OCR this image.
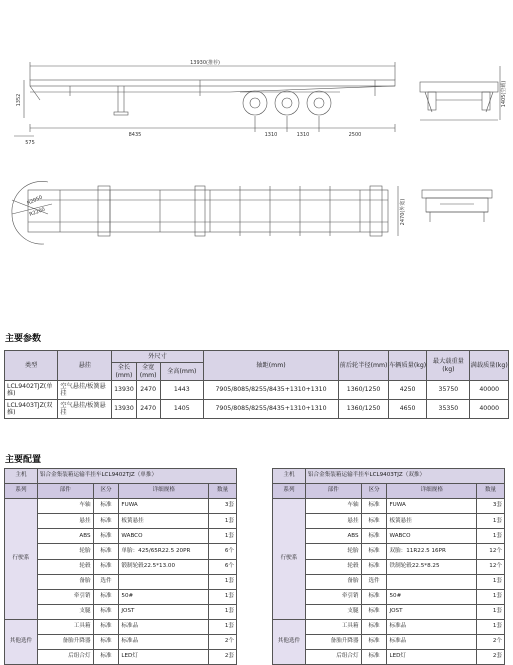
13930(推荐)
8435	1310	1310	2500
1352
575
1405(空载)
2470(外宽)
R2050
R2200
主要参数
类型	悬挂	外尺寸			轴距(mm)	前后轮半径(mm)	车辆质量(kg)	最大载重量(kg)	满载质量(kg)
		全长(mm)	全宽(mm)	全高(mm)					
LCL9402TJZ(单推)	空气悬挂/板簧悬挂	13930	2470	1443	7905/8085/8255/8435+1310+1310	1360/1250	4250	35750	40000
LCL9403TJZ(双推)	空气悬挂/板簧悬挂	13930	2470	1405	7905/8085/8255/8435+1310+1310	1360/1250	4650	35350	40000
主要配置
主机	铝合金集装箱运输半挂车LCL9402TJZ（单推）			
系列	部件	区分	详细规格	数量
行驶系	车轴	标准	FUWA	3套
	悬挂	标准	板簧悬挂	1套
	ABS	标准	WABCO	1套
	轮胎	标准	单胎：425/65R22.5 20PR	6个
	轮毂	标准	锻制轮毂22.5*13.00	6个
	备胎	选件		1套
	牵引销	标准	50#	1套
	支腿	标准	JOST	1套
其他选件	工具箱	标准	标准品	1套
	备胎升降器	标准	标准品	2个
	后组合灯	标准	LED灯	2套
主机	铝合金集装箱运输半挂车LCL9403TJZ（双推）			
系列	部件	区分	详细规格	数量
行驶系	车轴	标准	FUWA	3套
	悬挂	标准	板簧悬挂	1套
	ABS	标准	WABCO	1套
	轮胎	标准	双胎：11R22.5 16PR	12个
	轮毂	标准	铁制轮毂22.5*8.25	12个
	备胎	选件		1套
	牵引销	标准	50#	1套
	支腿	标准	JOST	1套
其他选件	工具箱	标准	标准品	1套
	备胎升降器	标准	标准品	2个
	后组合灯	标准	LED灯	2套
